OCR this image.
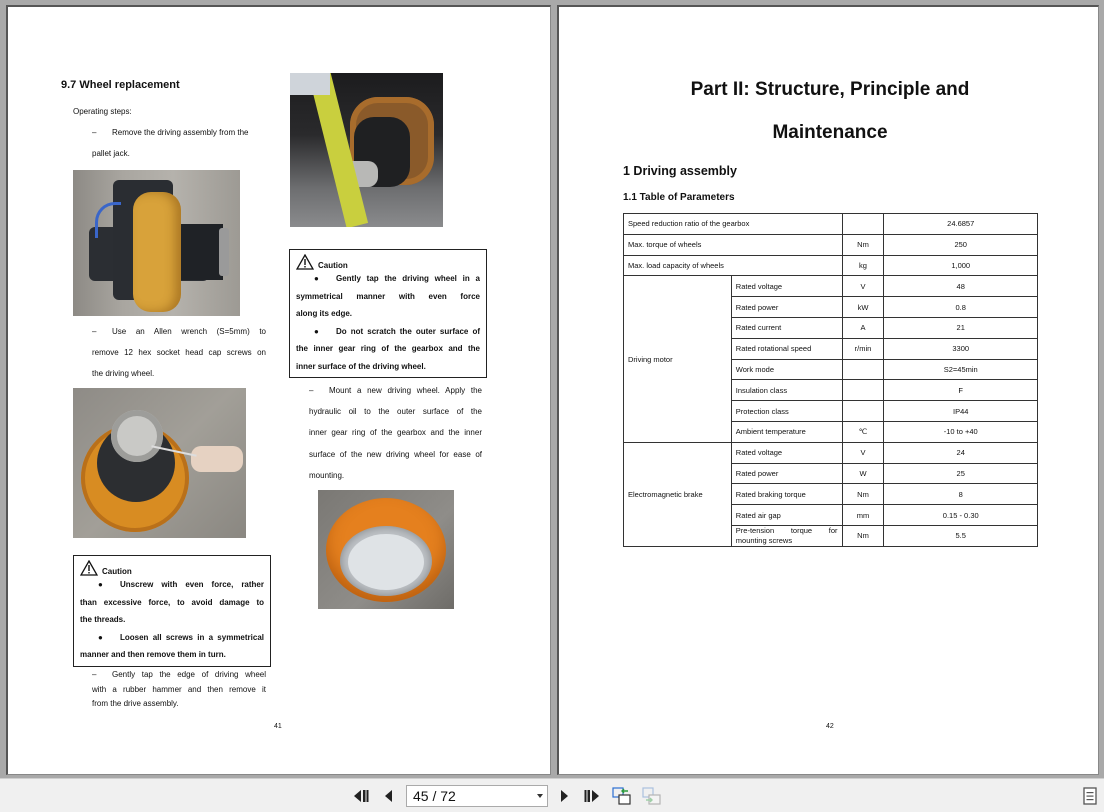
9.7 Wheel replacement
Operating steps:
– Remove the driving assembly from the
pallet jack.
– Use an Allen wrench (S=5mm) to
remove 12 hex socket head cap screws on
the driving wheel.
Caution
● Unscrew with even force, rather
than excessive force, to avoid damage to
the threads.
● Loosen all screws in a symmetrical
manner and then remove them in turn.
– Gently tap the edge of driving wheel
with a rubber hammer and then remove it
from the drive assembly.
Caution
● Gently tap the driving wheel in a
symmetrical manner with even force
along its edge.
● Do not scratch the outer surface of
the inner gear ring of the gearbox and the
inner surface of the driving wheel.
– Mount a new driving wheel. Apply the
hydraulic oil to the outer surface of the
inner gear ring of the gearbox and the inner
surface of the new driving wheel for ease of
mounting.
41
Part II: Structure, Principle and
Maintenance
1 Driving assembly
1.1 Table of Parameters
Speed reduction ratio of the gearbox			24.6857
Max. torque of wheels		Nm	250
Max. load capacity of wheels		kg	1,000
Driving motor	Rated voltage	V	48
	Rated power	kW	0.8
	Rated current	A	21
	Rated rotational speed	r/min	3300
	Work mode		S2=45min
	Insulation class		F
	Protection class		IP44
	Ambient temperature	℃	-10 to +40
Electromagnetic brake	Rated voltage	V	24
	Rated power	W	25
	Rated braking torque	Nm	8
	Rated air gap	mm	0.15 - 0.30
	Pre-tension torque for mounting screws	Nm	5.5
42
45 / 72
